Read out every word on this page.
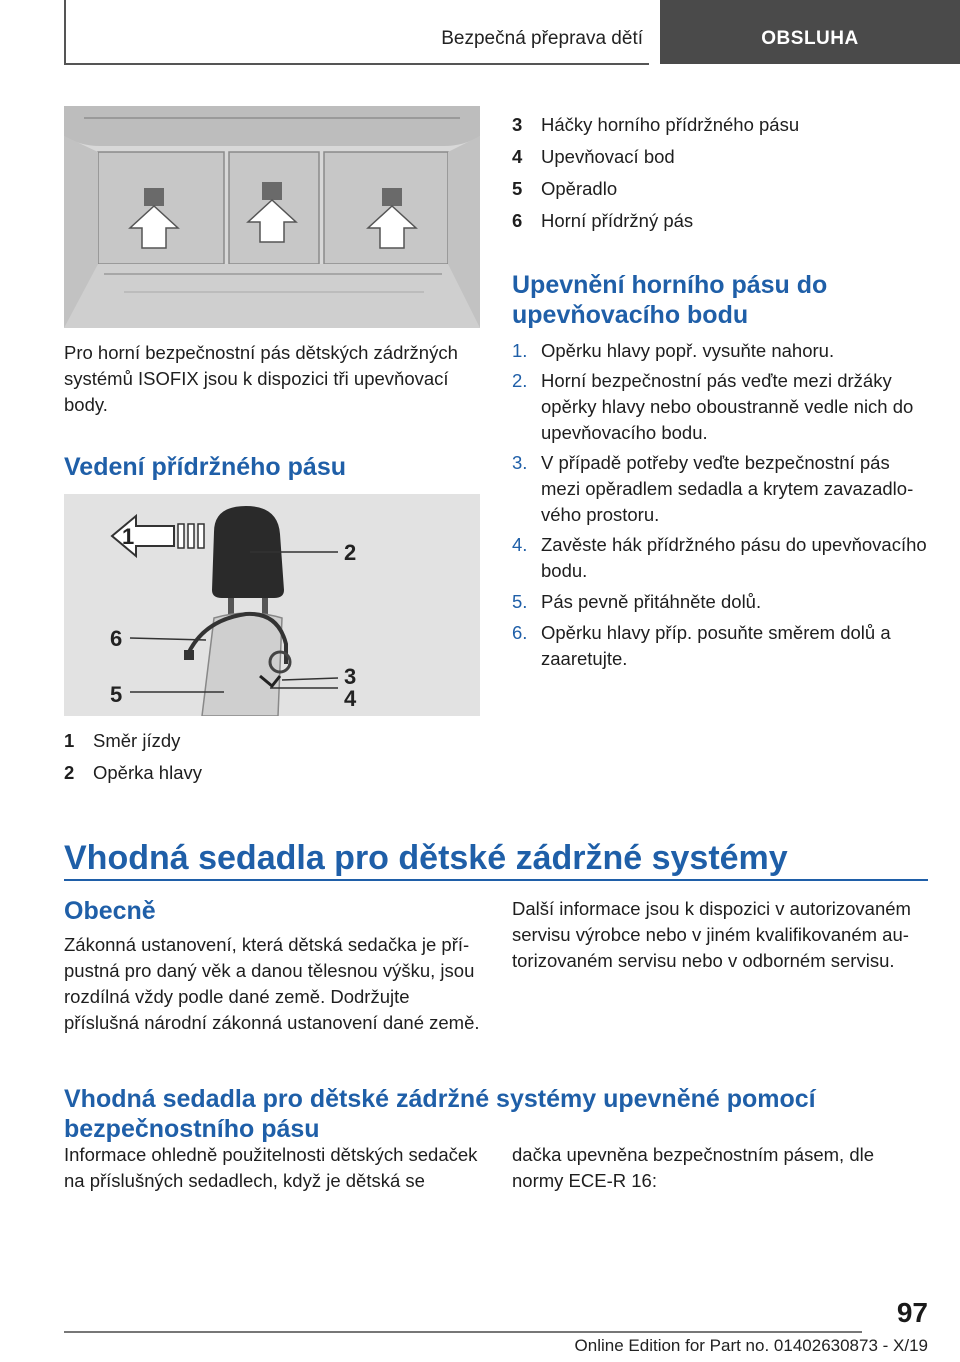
Bezpečná přeprava dětí	OBSLUHA
Pro horní bezpečnostní pás dětských zádržných systémů ISOFIX jsou k dispozici tři upevňovací body.
Vedení přídržného pásu
1
2
6
3
5	4
1 Směr jízdy
2 Opěrka hlavy
3 Háčky horního přídržného pásu
4 Upevňovací bod
5 Opěradlo
6 Horní přídržný pás
Upevnění horního pásu do
upevňovacího bodu
1. Opěrku hlavy popř. vysuňte nahoru.
2. Horní bezpečnostní pás veďte mezi držáky opěrky hlavy nebo oboustranně vedle nich do upevňovacího bodu.
3. V případě potřeby veďte bezpečnostní pás mezi opěradlem sedadla a krytem zavazadlového prostoru.
4. Zavěste hák přídržného pásu do upevňovacího bodu.
5. Pás pevně přitáhněte dolů.
6. Opěrku hlavy příp. posuňte směrem dolů a zaaretujte.
Vhodná sedadla pro dětské zádržné systémy
Obecně
Zákonná ustanovení, která dětská sedačka je přípustná pro daný věk a danou tělesnou výšku, jsou rozdílná vždy podle dané země. Dodržujte příslušná národní zákonná ustanovení dané země.
Další informace jsou k dispozici v autorizovaném servisu výrobce nebo v jiném kvalifikovaném autorizovaném servisu nebo v odborném servisu.
Vhodná sedadla pro dětské zádržné systémy upevněné pomocí
bezpečnostního pásu
Informace ohledně použitelnosti dětských sedaček na příslušných sedadlech, když je dětská se
dačka upevněna bezpečnostním pásem, dle normy ECE-R 16:
97
Online Edition for Part no. 01402630873 - X/19
